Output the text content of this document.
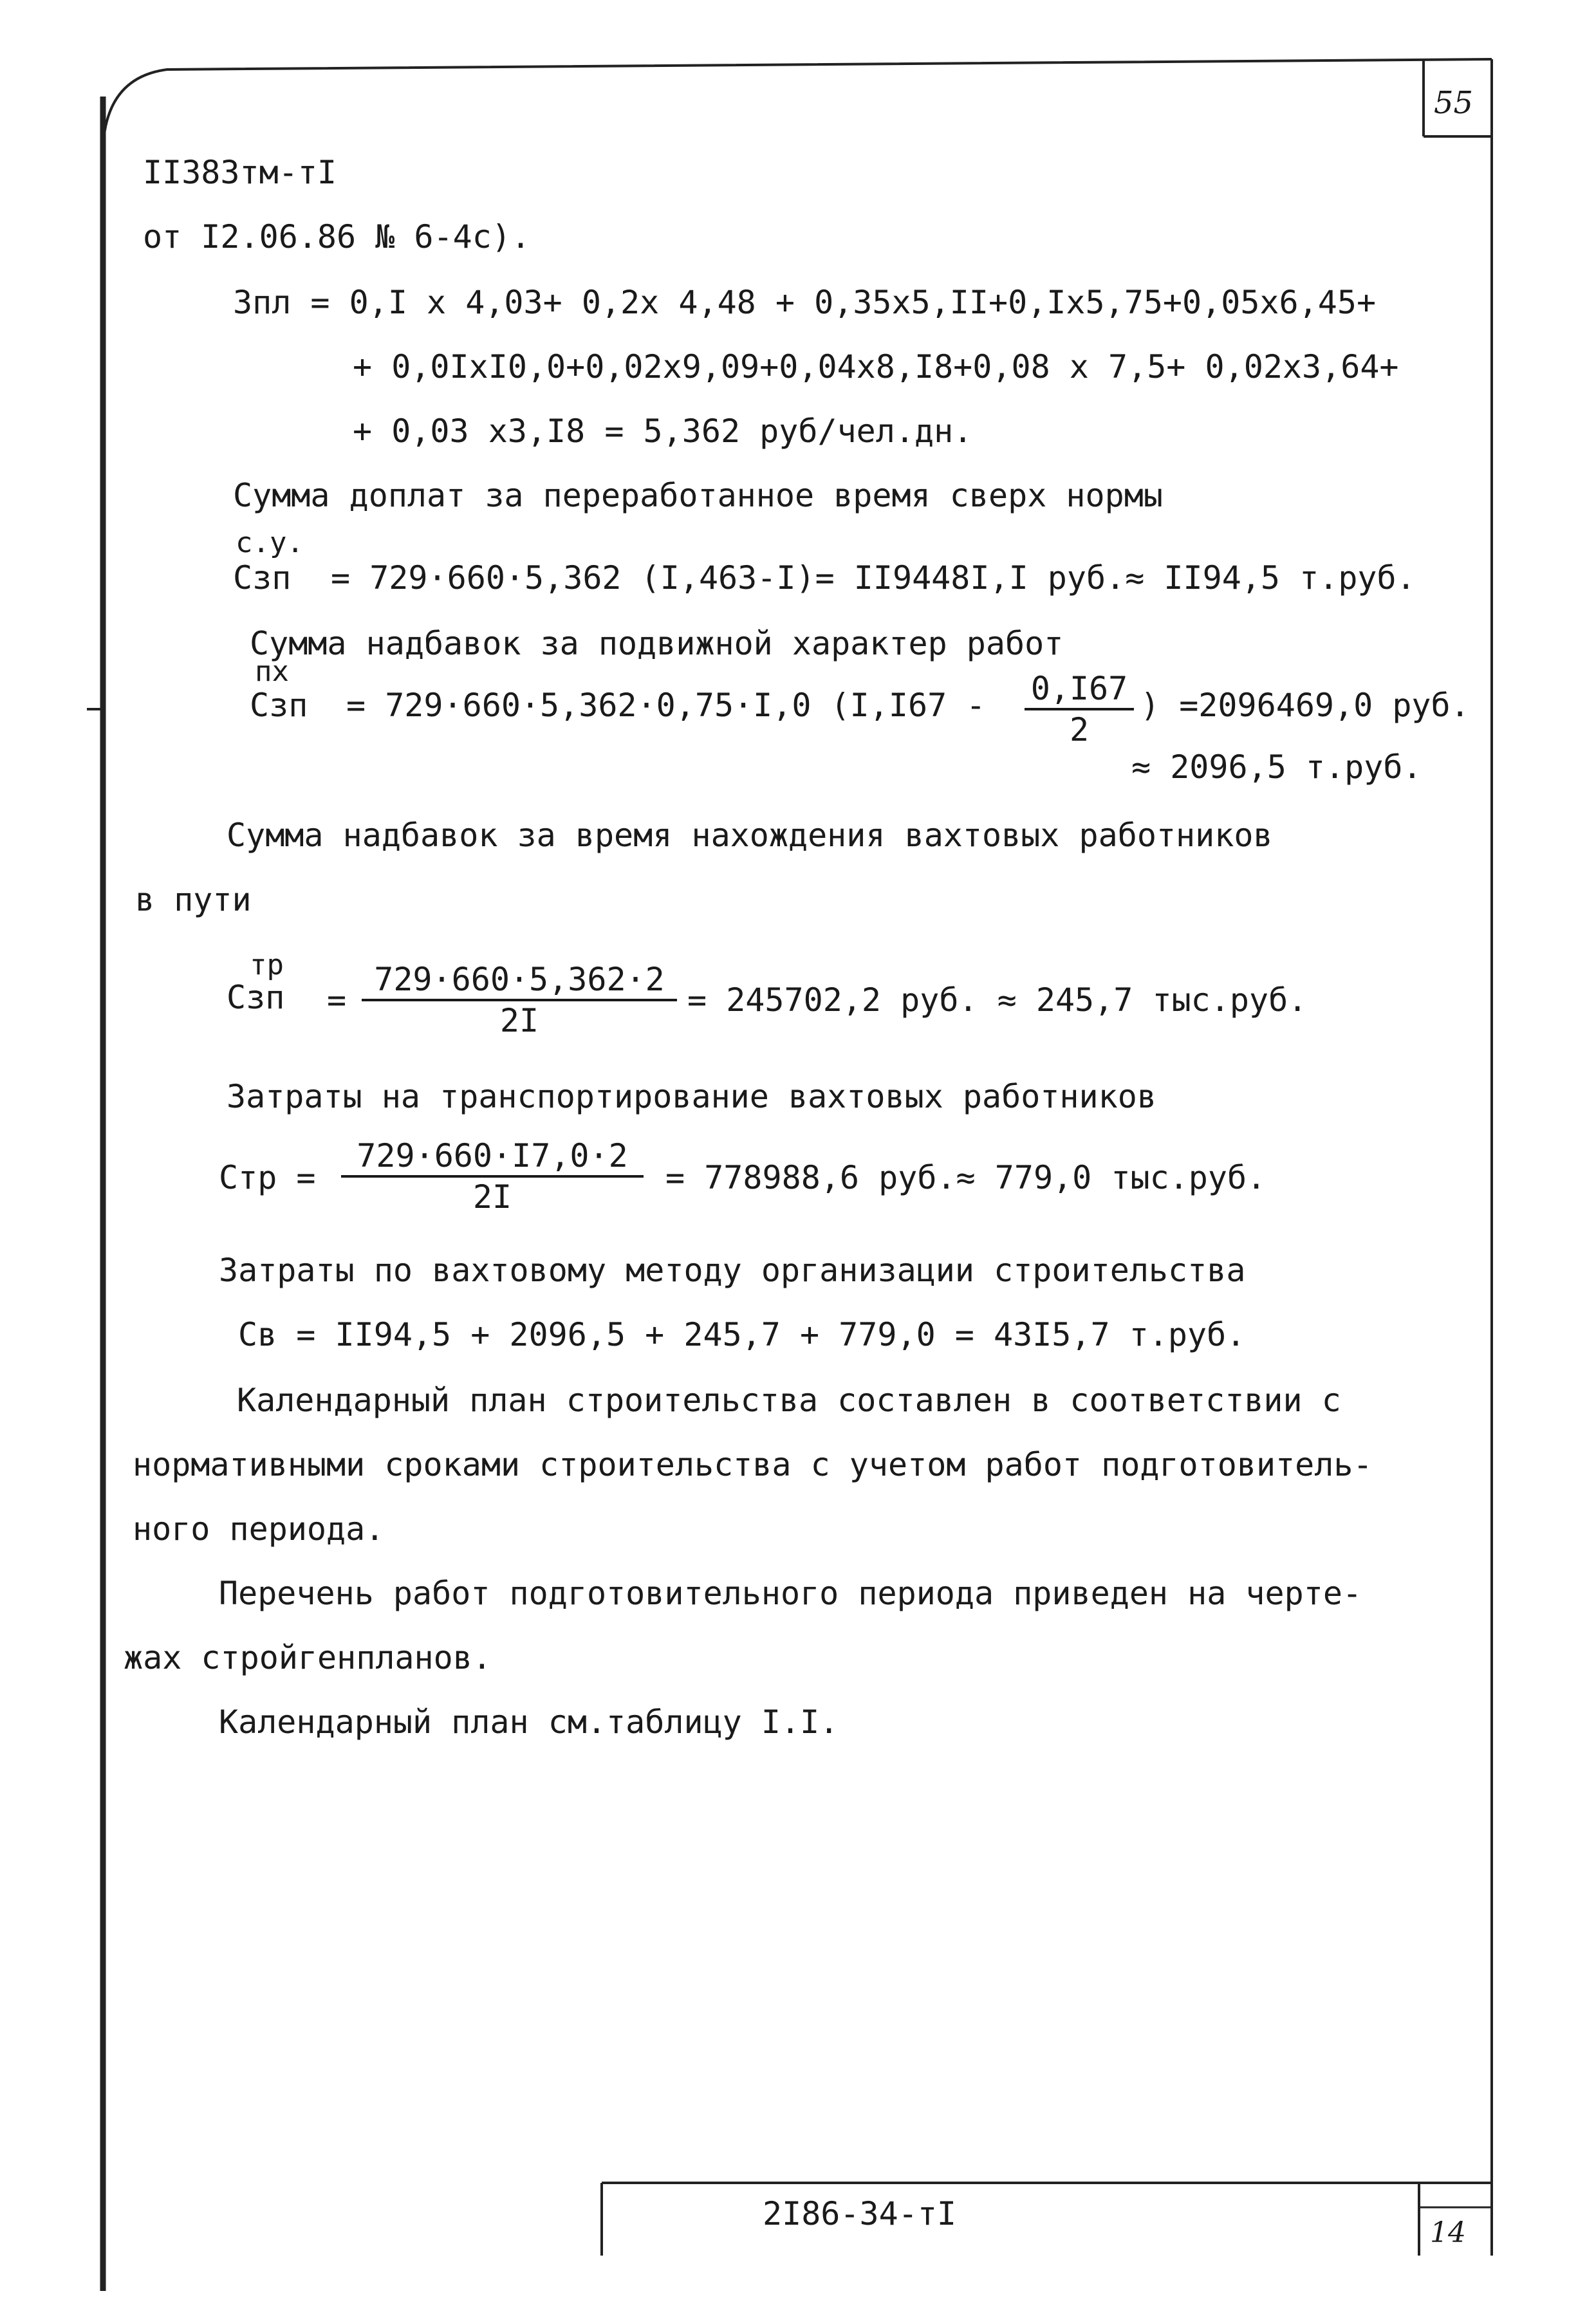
55
II383тм-тI
от I2.06.86 № 6-4с).
Зпл = 0,I х 4,03+ 0,2х 4,48 + 0,35х5,II+0,Iх5,75+0,05х6,45+
+ 0,0IхI0,0+0,02х9,09+0,04х8,I8+0,08 х 7,5+ 0,02х3,64+
+ 0,03 х3,I8 = 5,362 руб/чел.дн.
Сумма доплат за переработанное время сверх нормы
с.у.
Сзп = 729·660·5,362 (I,463-I)= II9448I,I руб.≈ II94,5 т.руб.
Сумма надбавок за подвижной характер работ
пх
Сзп = 729·660·5,362·0,75·I,0 ($I,I67 - \frac{0,I67}{2}$ ) =2096469,0 руб.
≈ 2096,5 т.руб.
Сумма надбавок за время нахождения вахтовых работников
в пути
тр
Сзп = $\frac{729\cdot 660\cdot 5,362\cdot 2}{2I} = 245702,2$ руб. ≈ 245,7 тыс.руб.
Затраты на транспортирование вахтовых работников
Стр = $\frac{729\cdot 660\cdot I7,0\cdot 2}{2I} = 778988,6$ руб.≈ 779,0 тыс.руб.
Затраты по вахтовому методу организации строительства
Св = II94,5 + 2096,5 + 245,7 + 779,0 = 43I5,7 т.руб.
Календарный план строительства составлен в соответствии с
нормативными сроками строительства с учетом работ подготовитель-
ного периода.
Перечень работ подготовительного периода приведен на черте-
жах стройгенпланов.
Календарный план см.таблицу I.I.
2I86-34-тI
14
